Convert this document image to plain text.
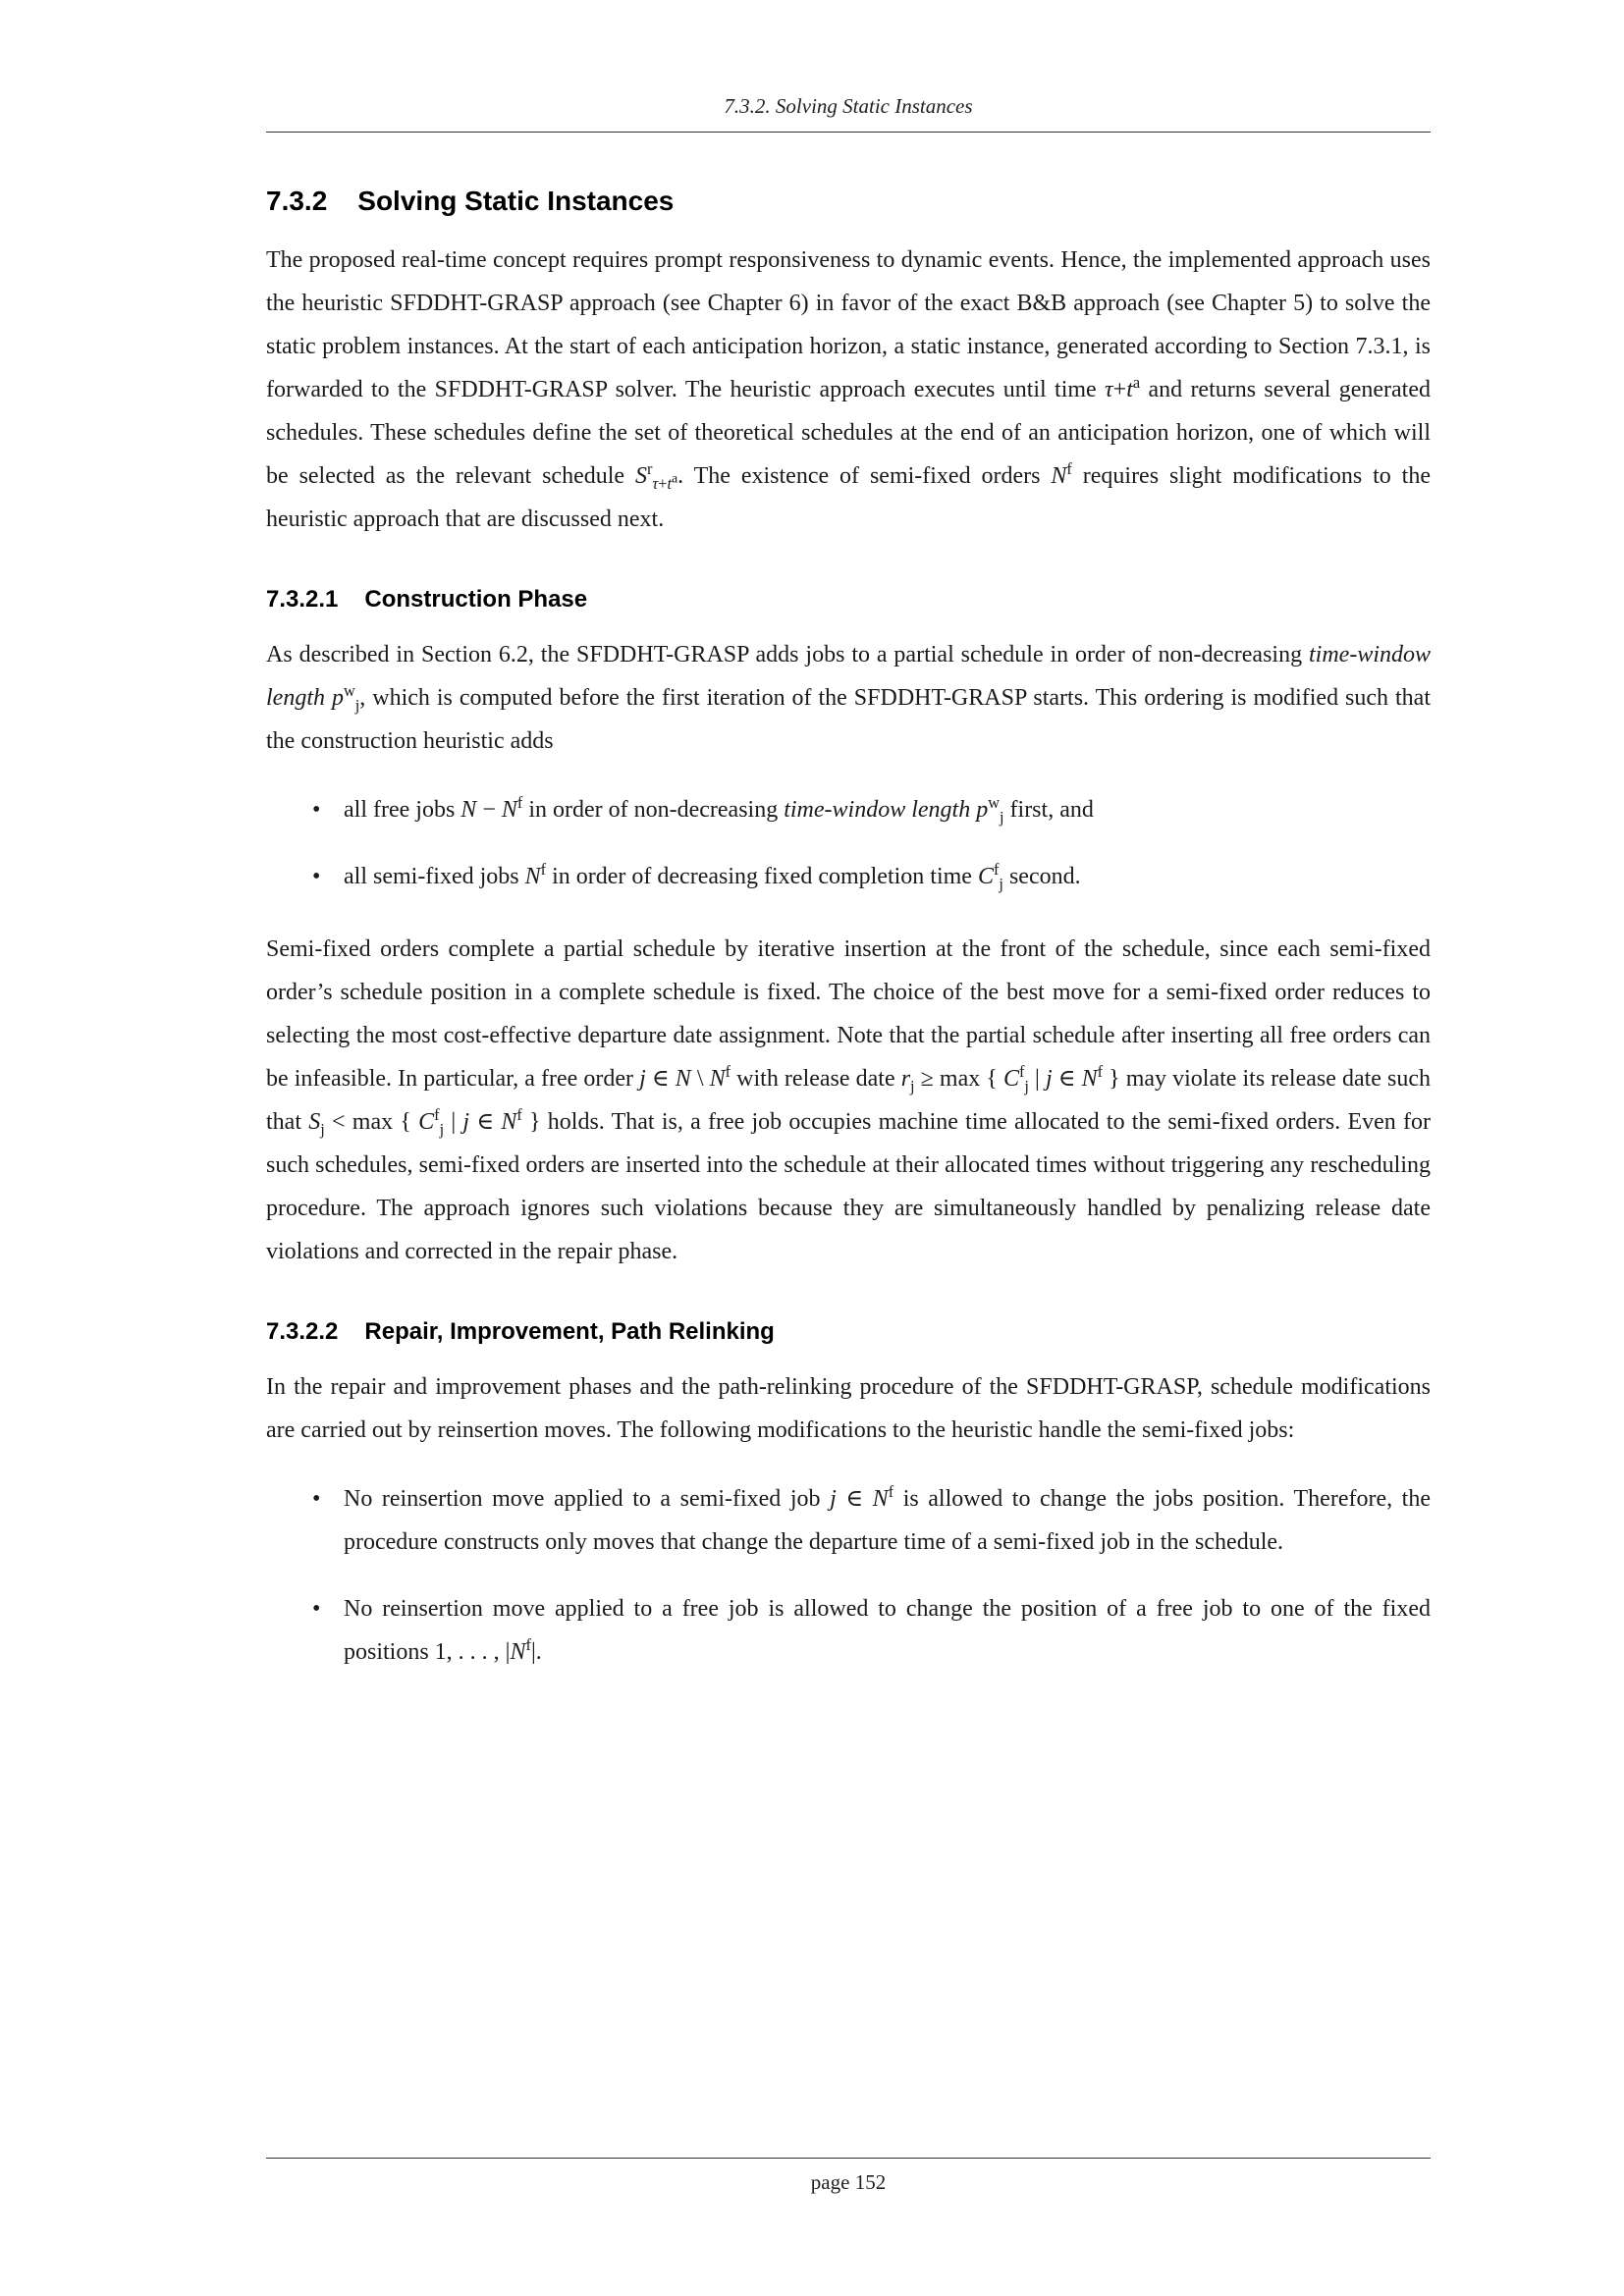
7.3.2. Solving Static Instances
7.3.2 Solving Static Instances

The proposed real-time concept requires prompt responsiveness to dynamic events. Hence, the implemented approach uses the heuristic SFDDHT-GRASP approach (see Chapter 6) in favor of the exact B&B approach (see Chapter 5) to solve the static problem instances. At the start of each anticipation horizon, a static instance, generated according to Section 7.3.1, is forwarded to the SFDDHT-GRASP solver. The heuristic approach executes until time $\tau+t^a$ and returns several generated schedules. These schedules define the set of theoretical schedules at the end of an anticipation horizon, one of which will be selected as the relevant schedule $S^r_{\tau+t^a}$. The existence of semi-fixed orders $N^f$ requires slight modifications to the heuristic approach that are discussed next.

7.3.2.1 Construction Phase

As described in Section 6.2, the SFDDHT-GRASP adds jobs to a partial schedule in order of non-decreasing time-window length $p^w_j$, which is computed before the first iteration of the SFDDHT-GRASP starts. This ordering is modified such that the construction heuristic adds

• all free jobs $N - N^f$ in order of non-decreasing time-window length $p^w_j$ first, and
• all semi-fixed jobs $N^f$ in order of decreasing fixed completion time $C^f_j$ second.

Semi-fixed orders complete a partial schedule by iterative insertion at the front of the schedule, since each semi-fixed order’s schedule position in a complete schedule is fixed. The choice of the best move for a semi-fixed order reduces to selecting the most cost-effective departure date assignment. Note that the partial schedule after inserting all free orders can be infeasible. In particular, a free order j ∈ N \ $N^f$ with release date $r_j \ge \max$ { $C^f_j$ | j ∈ $N^f$ } may violate its release date such that $S_j < \max$ { $C^f_j$ | j ∈ $N^f$ } holds. That is, a free job occupies machine time allocated to the semi-fixed orders. Even for such schedules, semi-fixed orders are inserted into the schedule at their allocated times without triggering any rescheduling procedure. The approach ignores such violations because they are simultaneously handled by penalizing release date violations and corrected in the repair phase.

7.3.2.2 Repair, Improvement, Path Relinking

In the repair and improvement phases and the path-relinking procedure of the SFDDHT-GRASP, schedule modifications are carried out by reinsertion moves. The following modifications to the heuristic handle the semi-fixed jobs:

• No reinsertion move applied to a semi-fixed job j ∈ $N^f$ is allowed to change the jobs position. Therefore, the procedure constructs only moves that change the departure time of a semi-fixed job in the schedule.
• No reinsertion move applied to a free job is allowed to change the position of a free job to one of the fixed positions 1, . . . , $|N^f|$.
page 152
